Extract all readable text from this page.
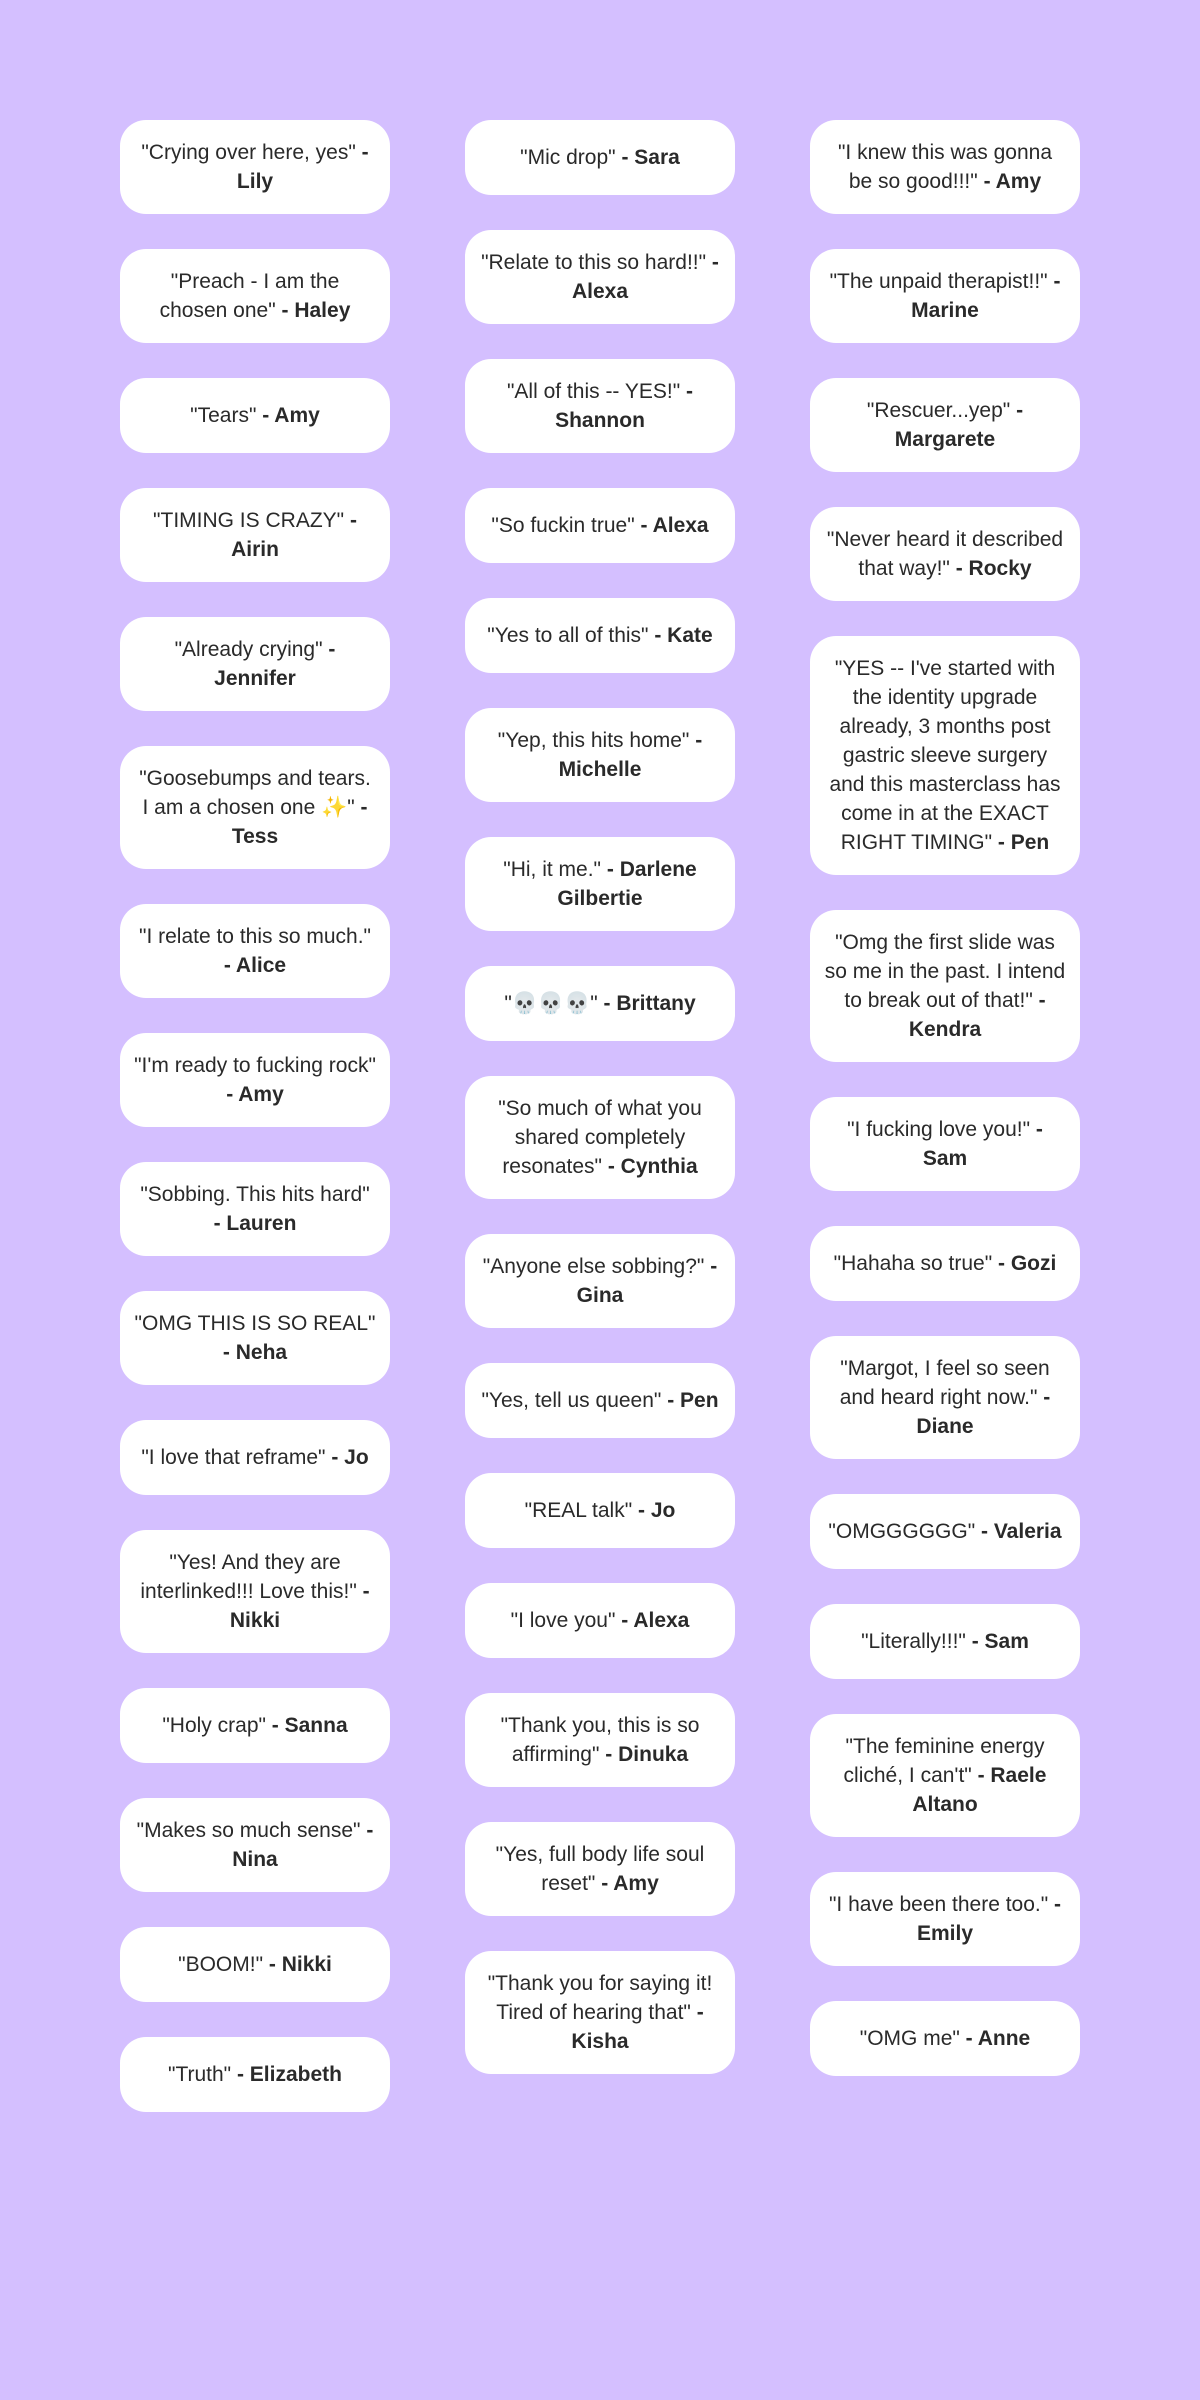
"Crying over here, yes" - Lily
"Preach - I am the chosen one" - Haley
"Tears" - Amy
"TIMING IS CRAZY" - Airin
"Already crying" - Jennifer
"Goosebumps and tears. I am a chosen one ✨" - Tess
"I relate to this so much." - Alice
"I'm ready to fucking rock" - Amy
"Sobbing. This hits hard" - Lauren
"OMG THIS IS SO REAL" - Neha
"I love that reframe" - Jo
"Yes! And they are interlinked!!! Love this!" - Nikki
"Holy crap" - Sanna
"Makes so much sense" - Nina
"BOOM!" - Nikki
"Truth" - Elizabeth
"Mic drop" - Sara
"Relate to this so hard!!" - Alexa
"All of this -- YES!" - Shannon
"So fuckin true" - Alexa
"Yes to all of this" - Kate
"Yep, this hits home" - Michelle
"Hi, it me." - Darlene Gilbertie
"💀💀💀" - Brittany
"So much of what you shared completely resonates" - Cynthia
"Anyone else sobbing?" - Gina
"Yes, tell us queen" - Pen
"REAL talk" - Jo
"I love you" - Alexa
"Thank you, this is so affirming" - Dinuka
"Yes, full body life soul reset" - Amy
"Thank you for saying it! Tired of hearing that" - Kisha
"I knew this was gonna be so good!!!" - Amy
"The unpaid therapist!!" - Marine
"Rescuer...yep" - Margarete
"Never heard it described that way!" - Rocky
"YES -- I've started with the identity upgrade already, 3 months post gastric sleeve surgery and this masterclass has come in at the EXACT RIGHT TIMING" - Pen
"Omg the first slide was so me in the past. I intend to break out of that!" - Kendra
"I fucking love you!" - Sam
"Hahaha so true" - Gozi
"Margot, I feel so seen and heard right now." - Diane
"OMGGGGGG" - Valeria
"Literally!!!" - Sam
"The feminine energy cliché, I can't" - Raele Altano
"I have been there too." - Emily
"OMG me" - Anne
